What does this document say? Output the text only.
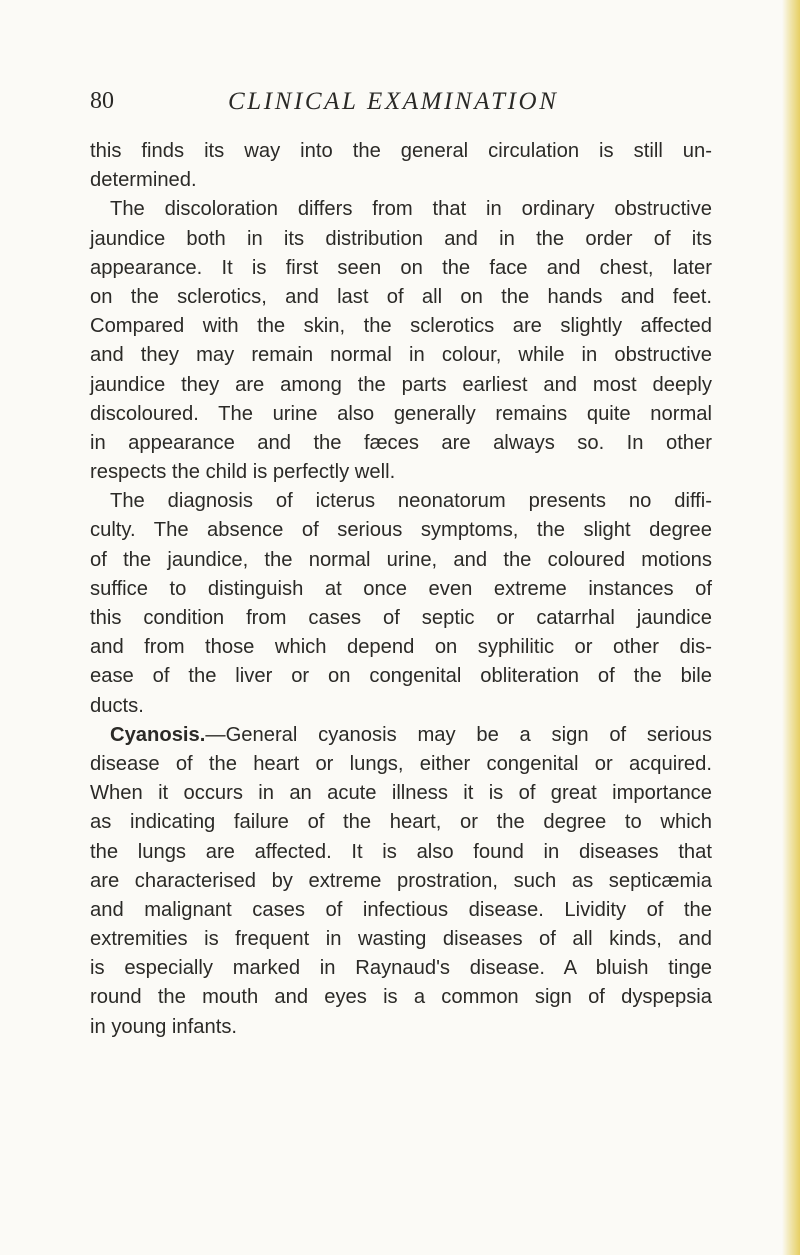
80	CLINICAL EXAMINATION
this finds its way into the general circulation is still un-
determined.
The discoloration differs from that in ordinary obstructive
jaundice both in its distribution and in the order of its
appearance. It is first seen on the face and chest, later
on the sclerotics, and last of all on the hands and feet.
Compared with the skin, the sclerotics are slightly affected
and they may remain normal in colour, while in obstructive
jaundice they are among the parts earliest and most deeply
discoloured. The urine also generally remains quite normal
in appearance and the fæces are always so. In other
respects the child is perfectly well.
The diagnosis of icterus neonatorum presents no diffi-
culty. The absence of serious symptoms, the slight degree
of the jaundice, the normal urine, and the coloured motions
suffice to distinguish at once even extreme instances of
this condition from cases of septic or catarrhal jaundice
and from those which depend on syphilitic or other dis-
ease of the liver or on congenital obliteration of the bile
ducts.
Cyanosis.—General cyanosis may be a sign of serious
disease of the heart or lungs, either congenital or acquired.
When it occurs in an acute illness it is of great importance
as indicating failure of the heart, or the degree to which
the lungs are affected. It is also found in diseases that
are characterised by extreme prostration, such as septicæmia
and malignant cases of infectious disease. Lividity of the
extremities is frequent in wasting diseases of all kinds, and
is especially marked in Raynaud's disease. A bluish tinge
round the mouth and eyes is a common sign of dyspepsia
in young infants.
